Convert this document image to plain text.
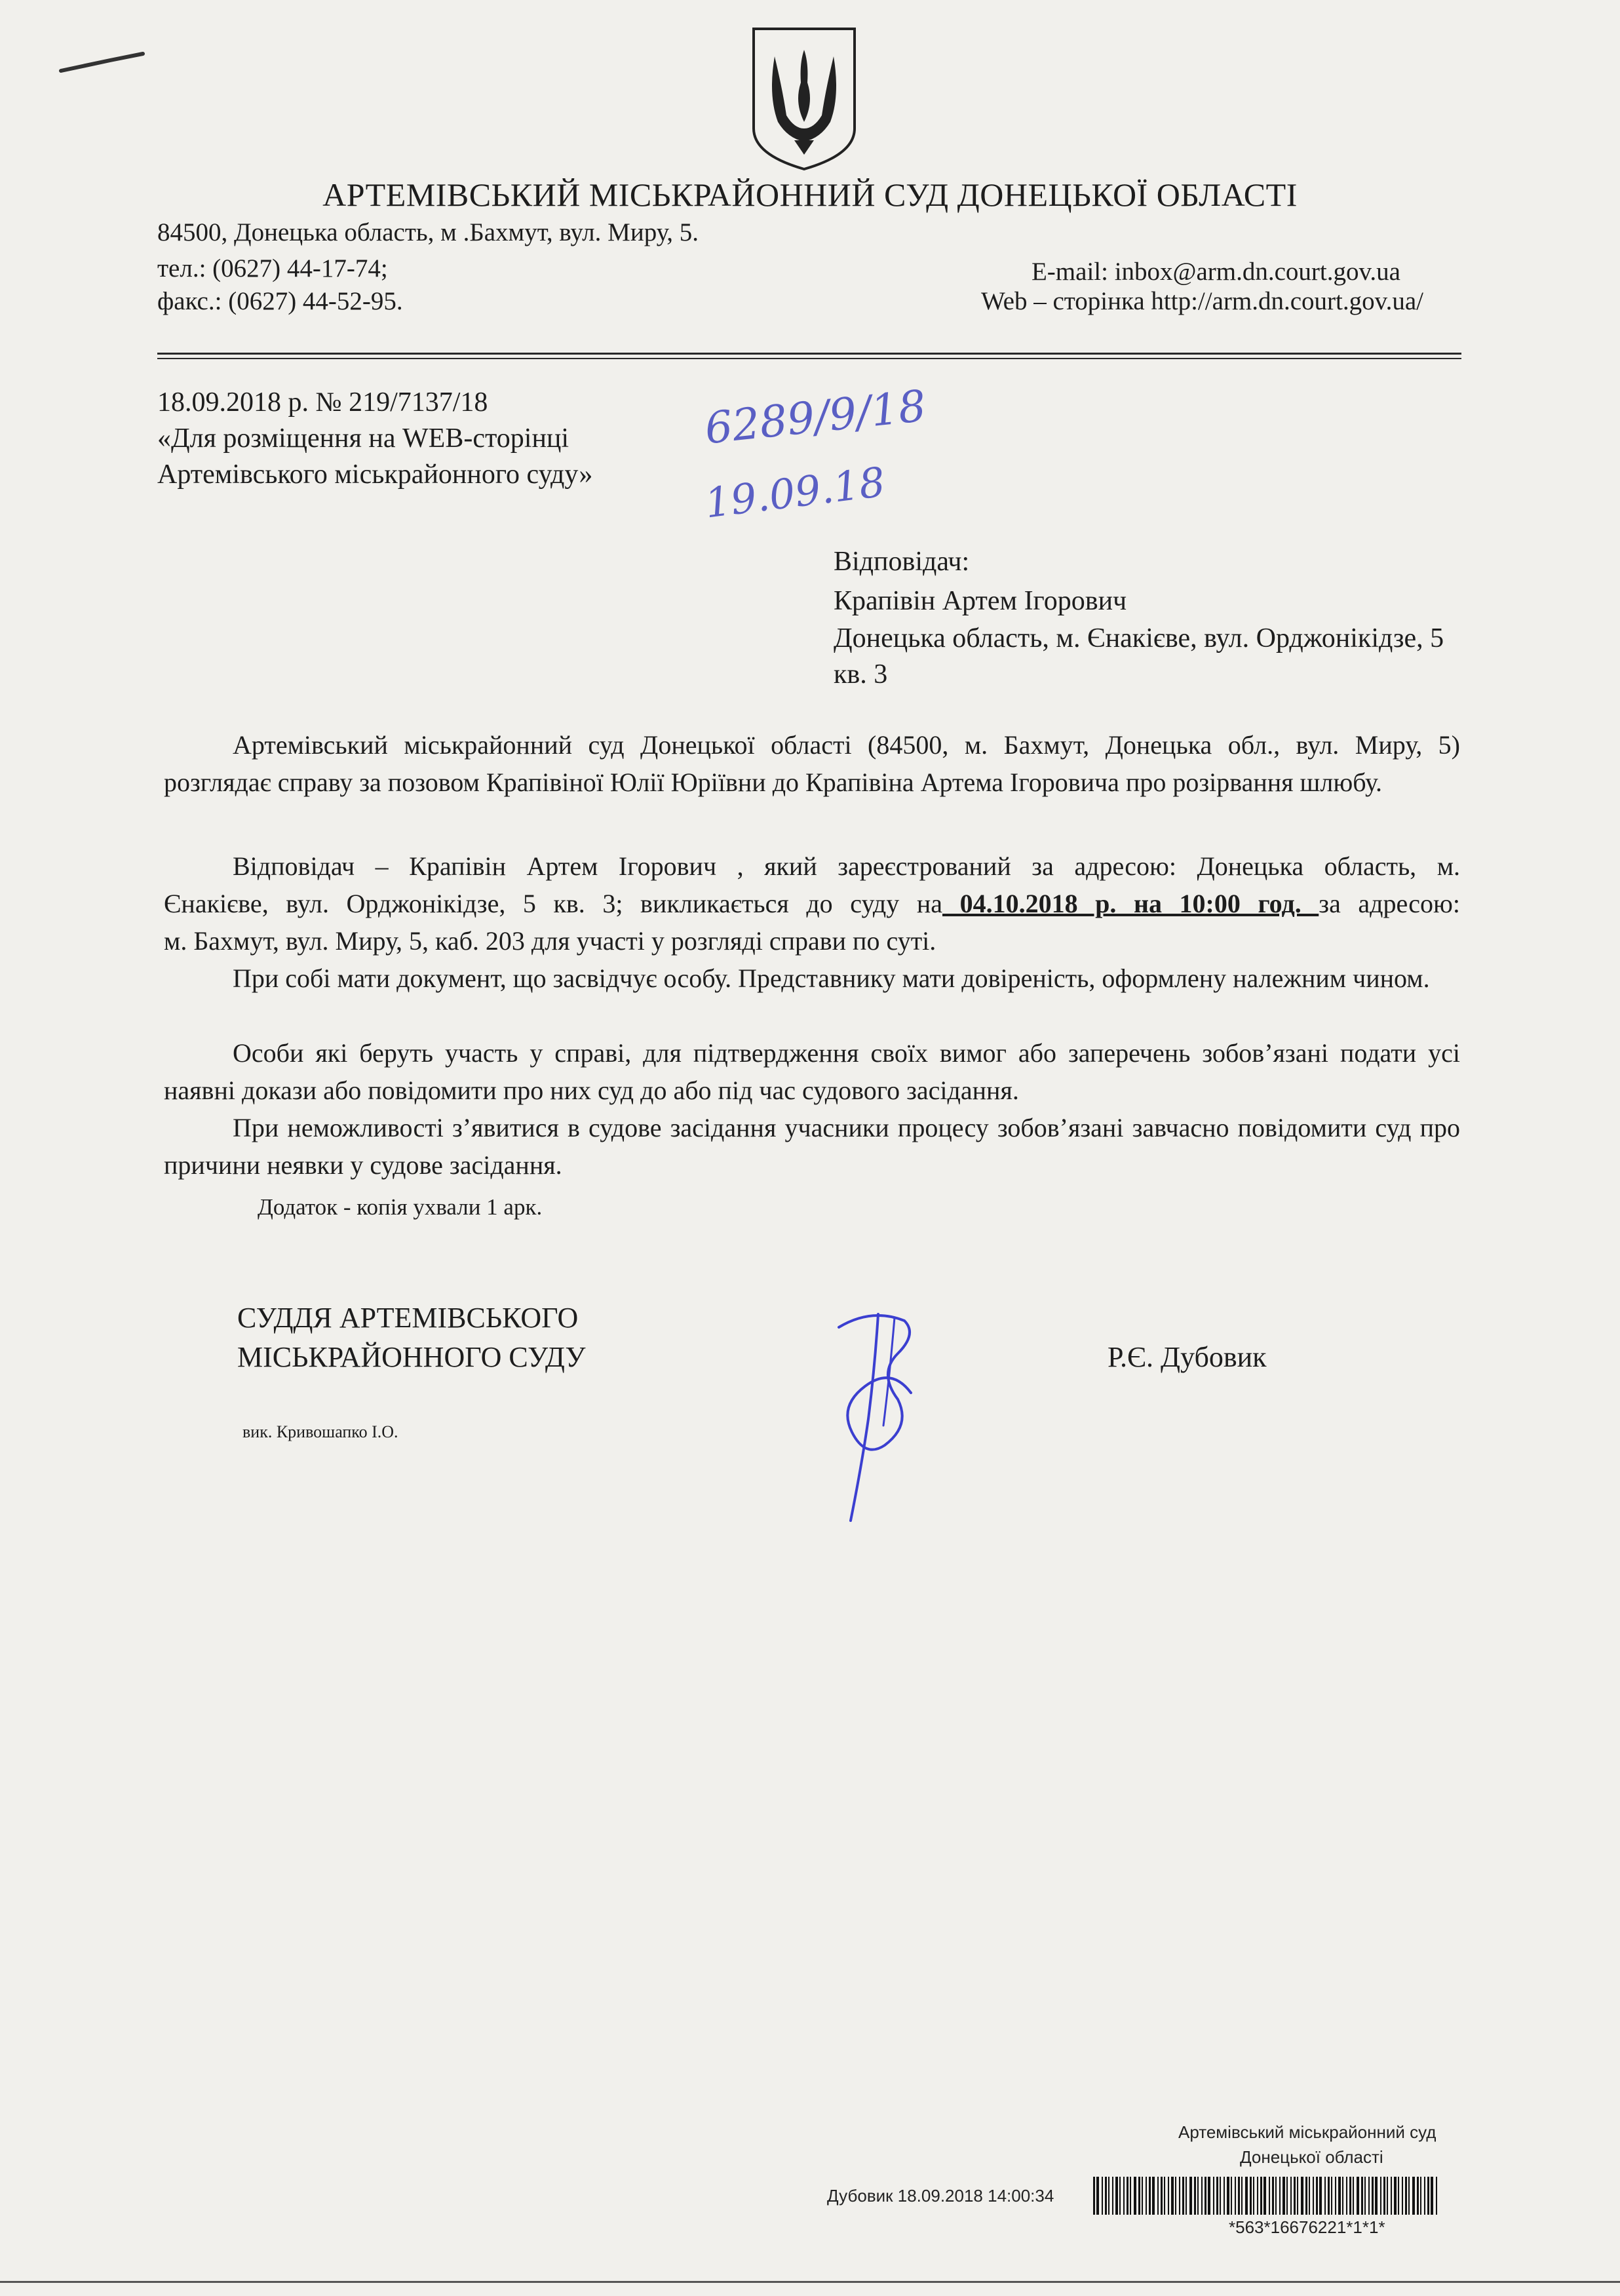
АРТЕМІВСЬКИЙ МІСЬКРАЙОННИЙ СУД ДОНЕЦЬКОЇ ОБЛАСТІ
84500, Донецька область, м .Бахмут, вул. Миру, 5.
тел.: (0627) 44-17-74;
факс.: (0627) 44-52-95.
E-mail: inbox@arm.dn.court.gov.ua
Web – сторінка http://arm.dn.court.gov.ua/
18.09.2018 р. № 219/7137/18
«Для розміщення на WEB-сторінці
Артемівського міськрайонного суду»
6289/9/18
19.09.18
Відповідач:
Крапівін Артем Ігорович
Донецька область, м. Єнакієве, вул. Орджонікідзе, 5
кв. 3
Артемівський міськрайонний суд Донецької області (84500, м. Бахмут, Донецька обл., вул. Миру, 5) розглядає справу за позовом Крапівіної Юлії Юріївни до Крапівіна Артема Ігоровича про розірвання шлюбу.
Відповідач – Крапівін Артем Ігорович , який зареєстрований за адресою: Донецька область, м.
Єнакієве, вул. Орджонікідзе, 5 кв. 3; викликається до суду на 04.10.2018 р. на 10:00 год. за адресою:
м. Бахмут, вул. Миру, 5, каб. 203 для участі у розгляді справи по суті.
При собі мати документ, що засвідчує особу. Представнику мати довіреність, оформлену належним чином.
Особи які беруть участь у справі, для підтвердження своїх вимог або заперечень зобов’язані подати усі наявні докази або повідомити про них суд до або під час судового засідання.
При неможливості з’явитися в судове засідання учасники процесу зобов’язані завчасно повідомити суд про причини неявки у судове засідання.
Додаток - копія ухвали 1 арк.
СУДДЯ АРТЕМІВСЬКОГО
МІСЬКРАЙОННОГО СУДУ	Р.Є. Дубовик
вик. Кривошапко І.О.
Артемівський міськрайонний суд
Донецької області
Дубовик 18.09.2018 14:00:34
*563*16676221*1*1*
